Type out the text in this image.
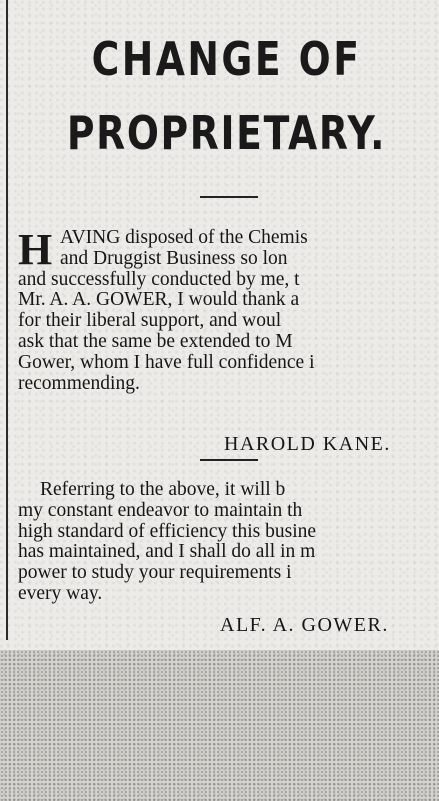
CHANGE OF
PROPRIETARY.
H AVING disposed of the Chemis
and Druggist Business so lon
and successfully conducted by me, t
Mr. A. A. GOWER, I would thank a
for their liberal support, and woul
ask that the same be extended to M
Gower, whom I have full confidence i
recommending.
HAROLD KANE.
Referring to the above, it will b
my constant endeavor to maintain th
high standard of efficiency this busine
has maintained, and I shall do all in m
power to study your requirements i
every way.
ALF. A. GOWER.
